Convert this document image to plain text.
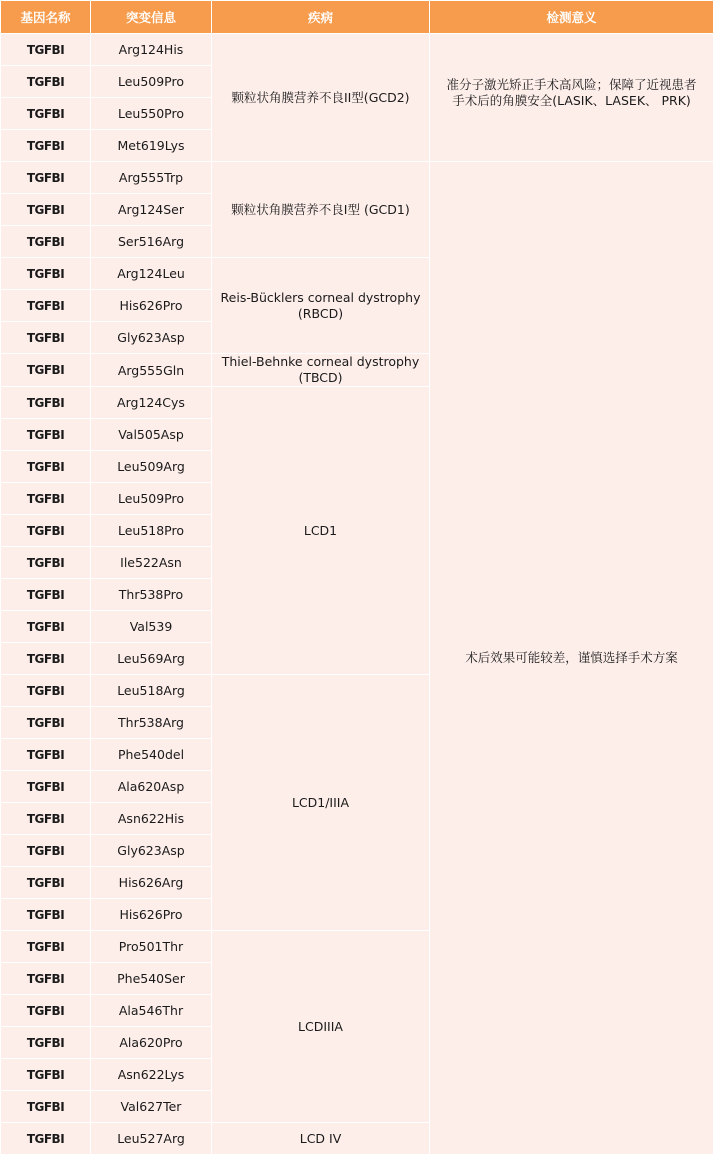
基因名称	突变信息	疾病	检测意义
TGFBI	Arg124His	颗粒状角膜营养不良II型(GCD2)	准分子激光矫正手术高风险；保障了近视患者
手术后的角膜安全(LASIK、LASEK、 PRK)
TGFBI	Leu509Pro		
TGFBI	Leu550Pro		
TGFBI	Met619Lys		
TGFBI	Arg555Trp	颗粒状角膜营养不良I型 (GCD1)	术后效果可能较差，谨慎选择手术方案
TGFBI	Arg124Ser		
TGFBI	Ser516Arg		
TGFBI	Arg124Leu	Reis-Bücklers corneal dystrophy
(RBCD)	
TGFBI	His626Pro		
TGFBI	Gly623Asp		
TGFBI	Arg555Gln	Thiel-Behnke corneal dystrophy
(TBCD)	
TGFBI	Arg124Cys	LCD1	
TGFBI	Val505Asp		
TGFBI	Leu509Arg		
TGFBI	Leu509Pro		
TGFBI	Leu518Pro		
TGFBI	Ile522Asn		
TGFBI	Thr538Pro		
TGFBI	Val539		
TGFBI	Leu569Arg		
TGFBI	Leu518Arg	LCD1/IIIA	
TGFBI	Thr538Arg		
TGFBI	Phe540del		
TGFBI	Ala620Asp		
TGFBI	Asn622His		
TGFBI	Gly623Asp		
TGFBI	His626Arg		
TGFBI	His626Pro		
TGFBI	Pro501Thr	LCDIIIA	
TGFBI	Phe540Ser		
TGFBI	Ala546Thr		
TGFBI	Ala620Pro		
TGFBI	Asn622Lys		
TGFBI	Val627Ter		
TGFBI	Leu527Arg	LCD IV	
